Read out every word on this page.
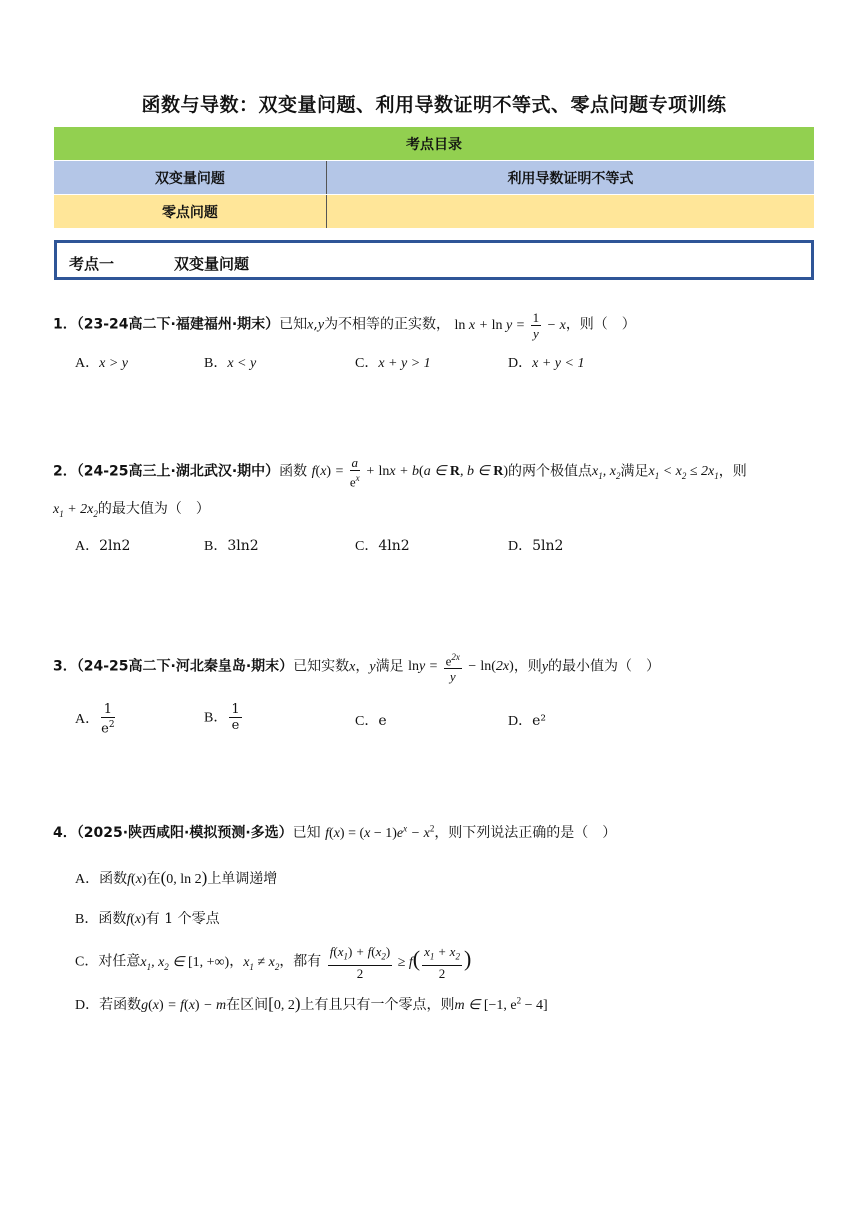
函数与导数：双变量问题、利用导数证明不等式、零点问题专项训练
考点目录	
双变量问题	利用导数证明不等式
零点问题	
考点一	双变量问题
1．（23-24高二下·福建福州·期末）已知x,y为不相等的正实数， $\ln x + \ln y = \frac{1}{y} - x$，则（　）
A．x > y	B．x < y	C．x + y > 1	D．x + y < 1
2．（24-25高三上·湖北武汉·期中）函数 $f(x) = \frac{a}{e^x} + \ln x + b(a$ ∈ R, b ∈ R)的两个极值点$x_1$, $x_2$满足$x_1 < x_2 \le 2x_1$，则
$x_1 + 2x_2$的最大值为（　）
A．2ln2	B．3ln2	C．4ln2	D．5ln2
3．（24-25高二下·河北秦皇岛·期末）已知实数x，y满足 $\ln y = \frac{e^{2x}}{y} - \ln(2x)$，则y的最小值为（　）
A． $\frac{1}{e^2}$	B． $\frac{1}{e}$	C．e	D．e²
4．（2025·陕西咸阳·模拟预测·多选）已知 $f(x) = (x - 1)e^x - x^2$，则下列说法正确的是（　）
A．函数f(x)在(0, ln 2)上单调递增
B．函数f(x)有 1 个零点
C．对任意$x_1$, $x_2$ ∈ [1, +∞)，$x_1 \ne x_2$，都有 $\frac{f(x_1) + f(x_2)}{2} \ge f( \frac{x_1 + x_2}{2}$ )
D．若函数g(x) = f(x) − m在区间[0, 2)上有且只有一个零点，则m ∈ [−1, $e^2 - 4$]
